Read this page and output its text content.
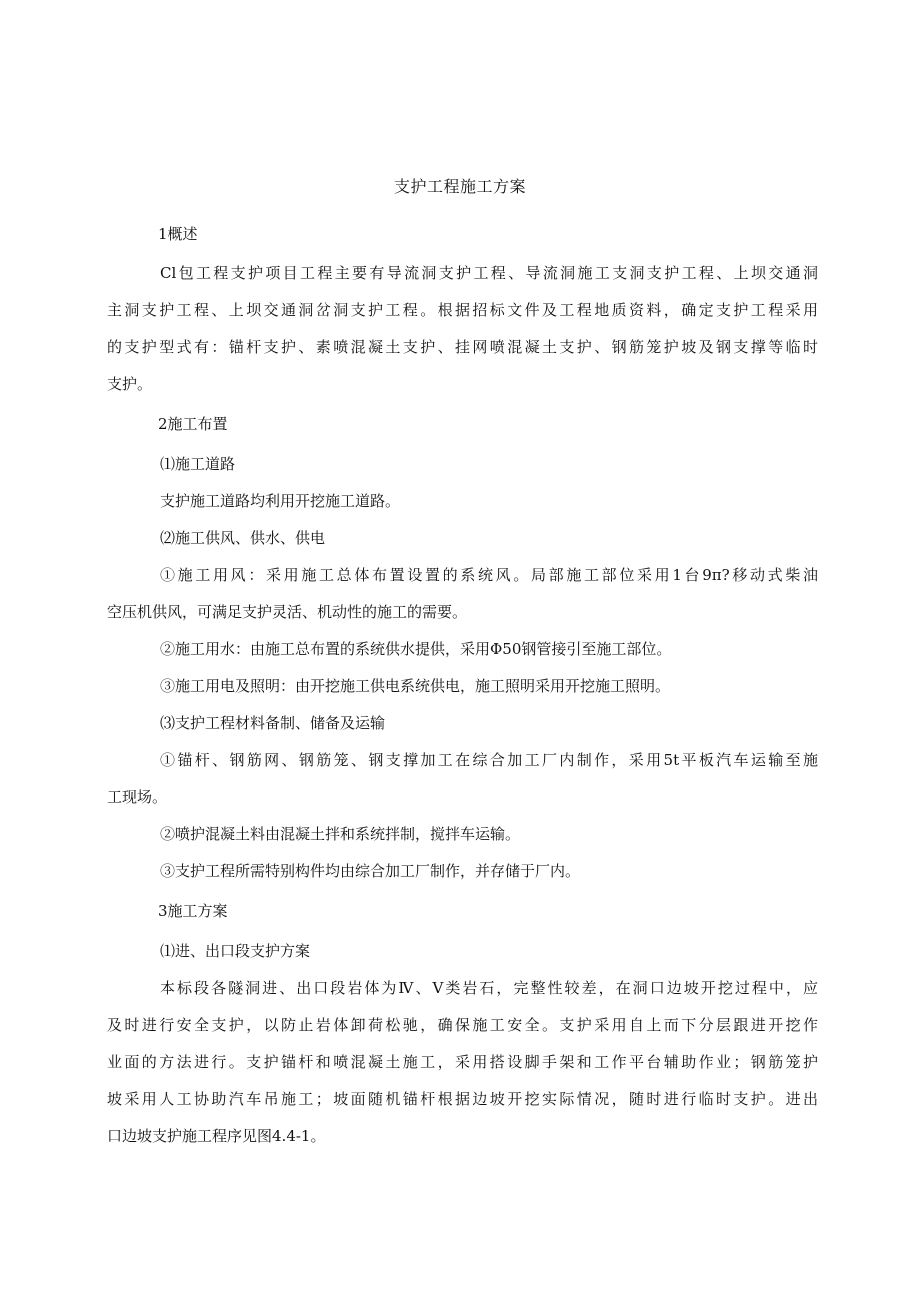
支护工程施工方案
1概述
Cl包工程支护项目工程主要有导流洞支护工程、导流洞施工支洞支护工程、上坝交通洞
主洞支护工程、上坝交通洞岔洞支护工程。根据招标文件及工程地质资料，确定支护工程采用
的支护型式有：锚杆支护、素喷混凝土支护、挂网喷混凝土支护、钢筋笼护坡及钢支撑等临时
支护。
2施工布置
⑴施工道路
支护施工道路均利用开挖施工道路。
⑵施工供风、供水、供电
①施工用风：采用施工总体布置设置的系统风。局部施工部位采用1台9π?移动式柴油
空压机供风，可满足支护灵活、机动性的施工的需要。
②施工用水：由施工总布置的系统供水提供，采用Φ50钢管接引至施工部位。
③施工用电及照明：由开挖施工供电系统供电，施工照明采用开挖施工照明。
⑶支护工程材料备制、储备及运输
①锚杆、钢筋网、钢筋笼、钢支撑加工在综合加工厂内制作，采用5t平板汽车运输至施
工现场。
②喷护混凝土料由混凝土拌和系统拌制，搅拌车运输。
③支护工程所需特别构件均由综合加工厂制作，并存储于厂内。
3施工方案
⑴进、出口段支护方案
本标段各隧洞进、出口段岩体为Ⅳ、Ⅴ类岩石，完整性较差，在洞口边坡开挖过程中，应
及时进行安全支护，以防止岩体卸荷松驰，确保施工安全。支护采用自上而下分层跟进开挖作
业面的方法进行。支护锚杆和喷混凝土施工，采用搭设脚手架和工作平台辅助作业；钢筋笼护
坡采用人工协助汽车吊施工；坡面随机锚杆根据边坡开挖实际情况，随时进行临时支护。进出
口边坡支护施工程序见图4.4-1。
